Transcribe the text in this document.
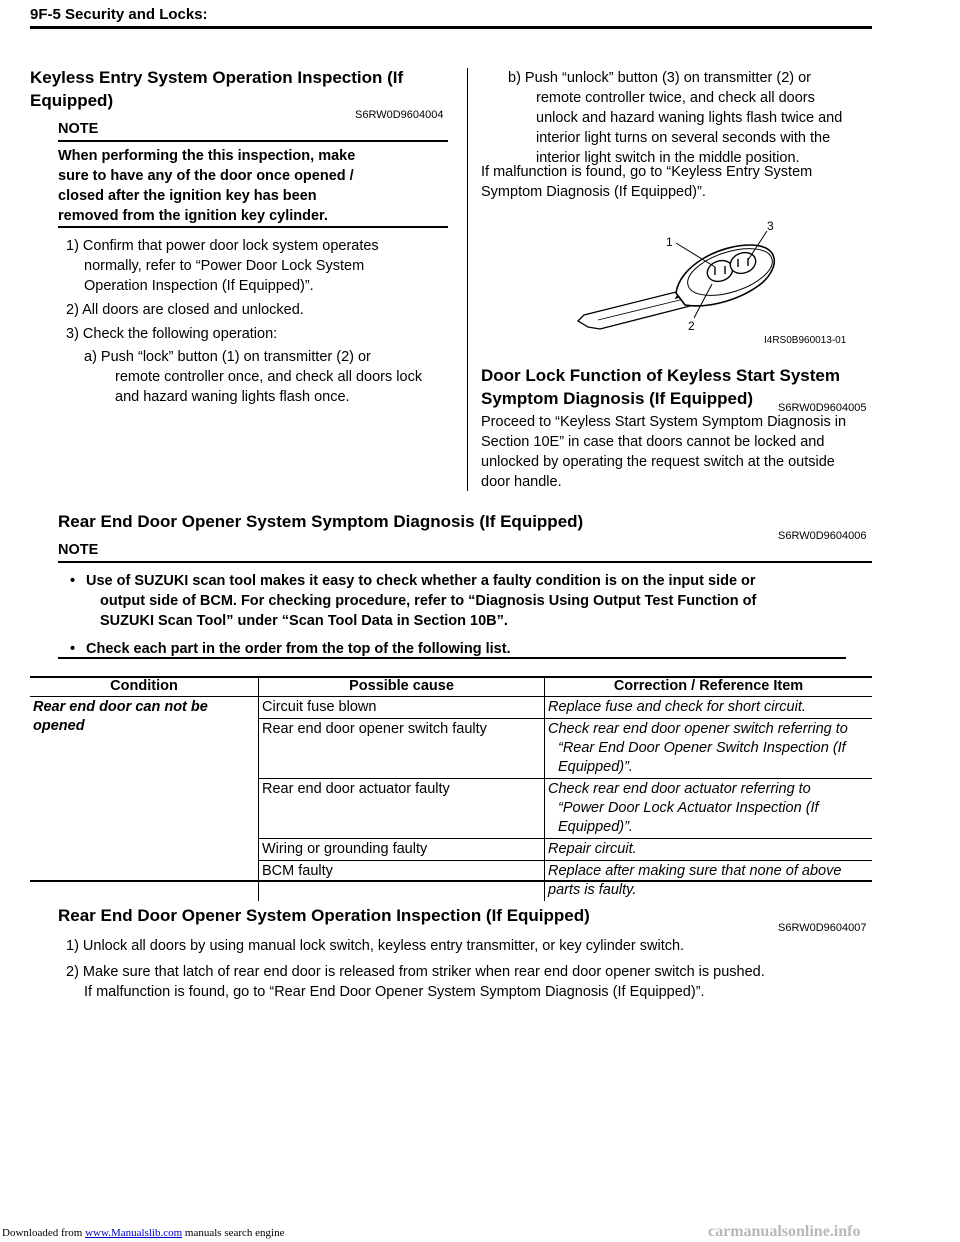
9F-5 Security and Locks:
Keyless Entry System Operation Inspection (If
Equipped)
S6RW0D9604004
NOTE
When performing the this inspection, make
sure to have any of the door once opened /
closed after the ignition key has been
removed from the ignition key cylinder.
1) Confirm that power door lock system operates
normally, refer to “Power Door Lock System
Operation Inspection (If Equipped)”.
2) All doors are closed and unlocked.
3) Check the following operation:
a) Push “lock” button (1) on transmitter (2) or
remote controller once, and check all doors lock
and hazard waning lights flash once.
b) Push “unlock” button (3) on transmitter (2) or
remote controller twice, and check all doors
unlock and hazard waning lights flash twice and
interior light turns on several seconds with the
interior light switch in the middle position.
If malfunction is found, go to “Keyless Entry System
Symptom Diagnosis (If Equipped)”.
1
3
2
I4RS0B960013-01
Door Lock Function of Keyless Start System
Symptom Diagnosis (If Equipped)	S6RW0D9604005
Proceed to “Keyless Start System Symptom Diagnosis in
Section 10E” in case that doors cannot be locked and
unlocked by operating the request switch at the outside
door handle.
Rear End Door Opener System Symptom Diagnosis (If Equipped)
S6RW0D9604006
NOTE
• Use of SUZUKI scan tool makes it easy to check whether a faulty condition is on the input side or
output side of BCM. For checking procedure, refer to “Diagnosis Using Output Test Function of
SUZUKI Scan Tool” under “Scan Tool Data in Section 10B”.
• Check each part in the order from the top of the following list.
Condition	Possible cause	Correction / Reference Item

Rear end door can not be
opened	Circuit fuse blown	Replace fuse and check for short circuit.

	Rear end door opener switch faulty	Check rear end door opener switch referring to
“Rear End Door Opener Switch Inspection (If
Equipped)”.

	Rear end door actuator faulty	Check rear end door actuator referring to
“Power Door Lock Actuator Inspection (If
Equipped)”.

	Wiring or grounding faulty	Repair circuit.

	BCM faulty	Replace after making sure that none of above
parts is faulty.
Rear End Door Opener System Operation Inspection (If Equipped)
S6RW0D9604007
1) Unlock all doors by using manual lock switch, keyless entry transmitter, or key cylinder switch.
2) Make sure that latch of rear end door is released from striker when rear end door opener switch is pushed.
If malfunction is found, go to “Rear End Door Opener System Symptom Diagnosis (If Equipped)”.
Downloaded from www.Manualslib.com manuals search engine	carmanualsonline.info
